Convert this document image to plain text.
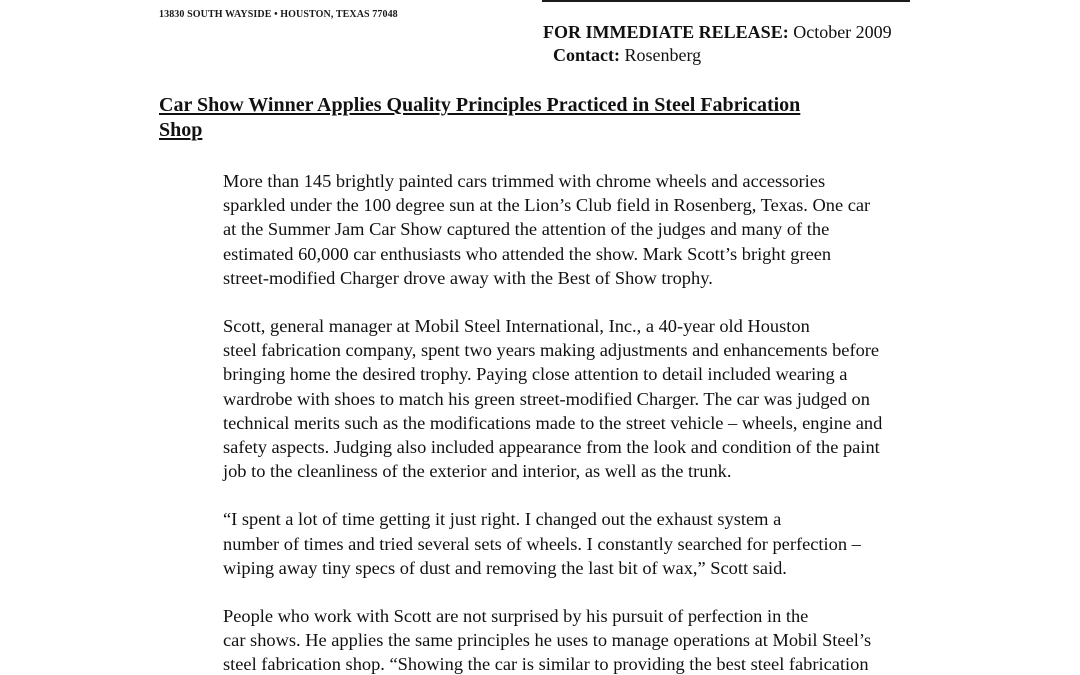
13830 SOUTH WAYSIDE • HOUSTON, TEXAS 77048
FOR IMMEDIATE RELEASE: October 2009
Contact: Rosenberg
Car Show Winner Applies Quality Principles Practiced in Steel Fabrication
Shop

More than 145 brightly painted cars trimmed with chrome wheels and accessories
sparkled under the 100 degree sun at the Lion’s Club field in Rosenberg, Texas. One car
at the Summer Jam Car Show captured the attention of the judges and many of the
estimated 60,000 car enthusiasts who attended the show. Mark Scott’s bright green
street-modified Charger drove away with the Best of Show trophy.

Scott, general manager at Mobil Steel International, Inc., a 40-year old Houston
steel fabrication company, spent two years making adjustments and enhancements before
bringing home the desired trophy. Paying close attention to detail included wearing a
wardrobe with shoes to match his green street-modified Charger. The car was judged on
technical merits such as the modifications made to the street vehicle – wheels, engine and
safety aspects. Judging also included appearance from the look and condition of the paint
job to the cleanliness of the exterior and interior, as well as the trunk.

“I spent a lot of time getting it just right. I changed out the exhaust system a
number of times and tried several sets of wheels. I constantly searched for perfection –
wiping away tiny specs of dust and removing the last bit of wax,” Scott said.

People who work with Scott are not surprised by his pursuit of perfection in the
car shows. He applies the same principles he uses to manage operations at Mobil Steel’s
steel fabrication shop. “Showing the car is similar to providing the best steel fabrication
